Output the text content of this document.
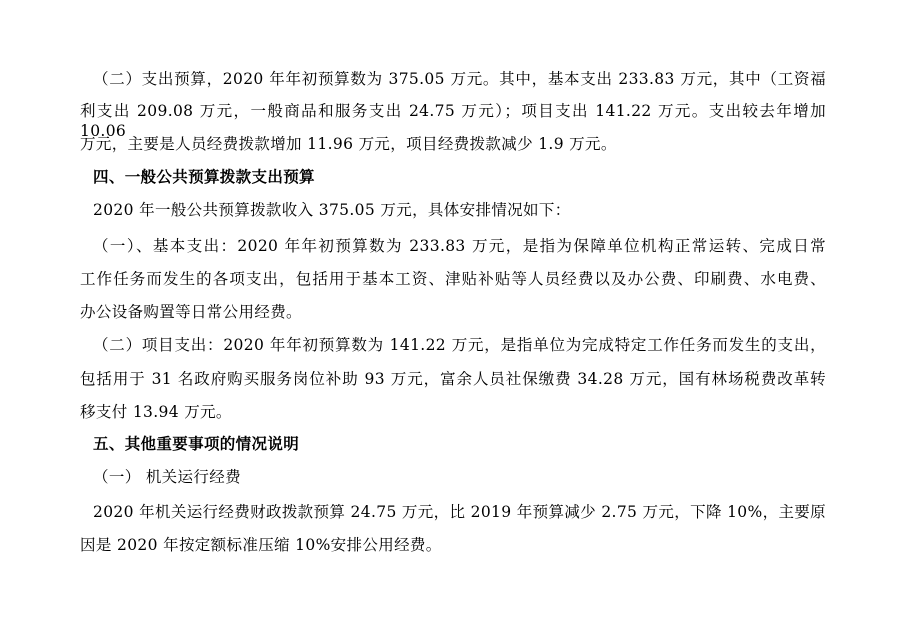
（二）支出预算，2020 年年初预算数为 375.05 万元。其中，基本支出 233.83 万元，其中（工资福
利支出 209.08 万元，一般商品和服务支出 24.75 万元）；项目支出 141.22 万元。支出较去年增加 10.06
万元，主要是人员经费拨款增加 11.96 万元，项目经费拨款减少 1.9 万元。
四、一般公共预算拨款支出预算
2020 年一般公共预算拨款收入 375.05 万元，具体安排情况如下：
（一）、基本支出：2020 年年初预算数为 233.83 万元，是指为保障单位机构正常运转、完成日常
工作任务而发生的各项支出，包括用于基本工资、津贴补贴等人员经费以及办公费、印刷费、水电费、
办公设备购置等日常公用经费。
（二）项目支出：2020 年年初预算数为 141.22 万元，是指单位为完成特定工作任务而发生的支出，
包括用于 31 名政府购买服务岗位补助 93 万元，富余人员社保缴费 34.28 万元，国有林场税费改革转
移支付 13.94 万元。
五、其他重要事项的情况说明
（一） 机关运行经费
2020 年机关运行经费财政拨款预算 24.75 万元，比 2019 年预算减少 2.75 万元，下降 10%，主要原
因是 2020 年按定额标准压缩 10%安排公用经费。
